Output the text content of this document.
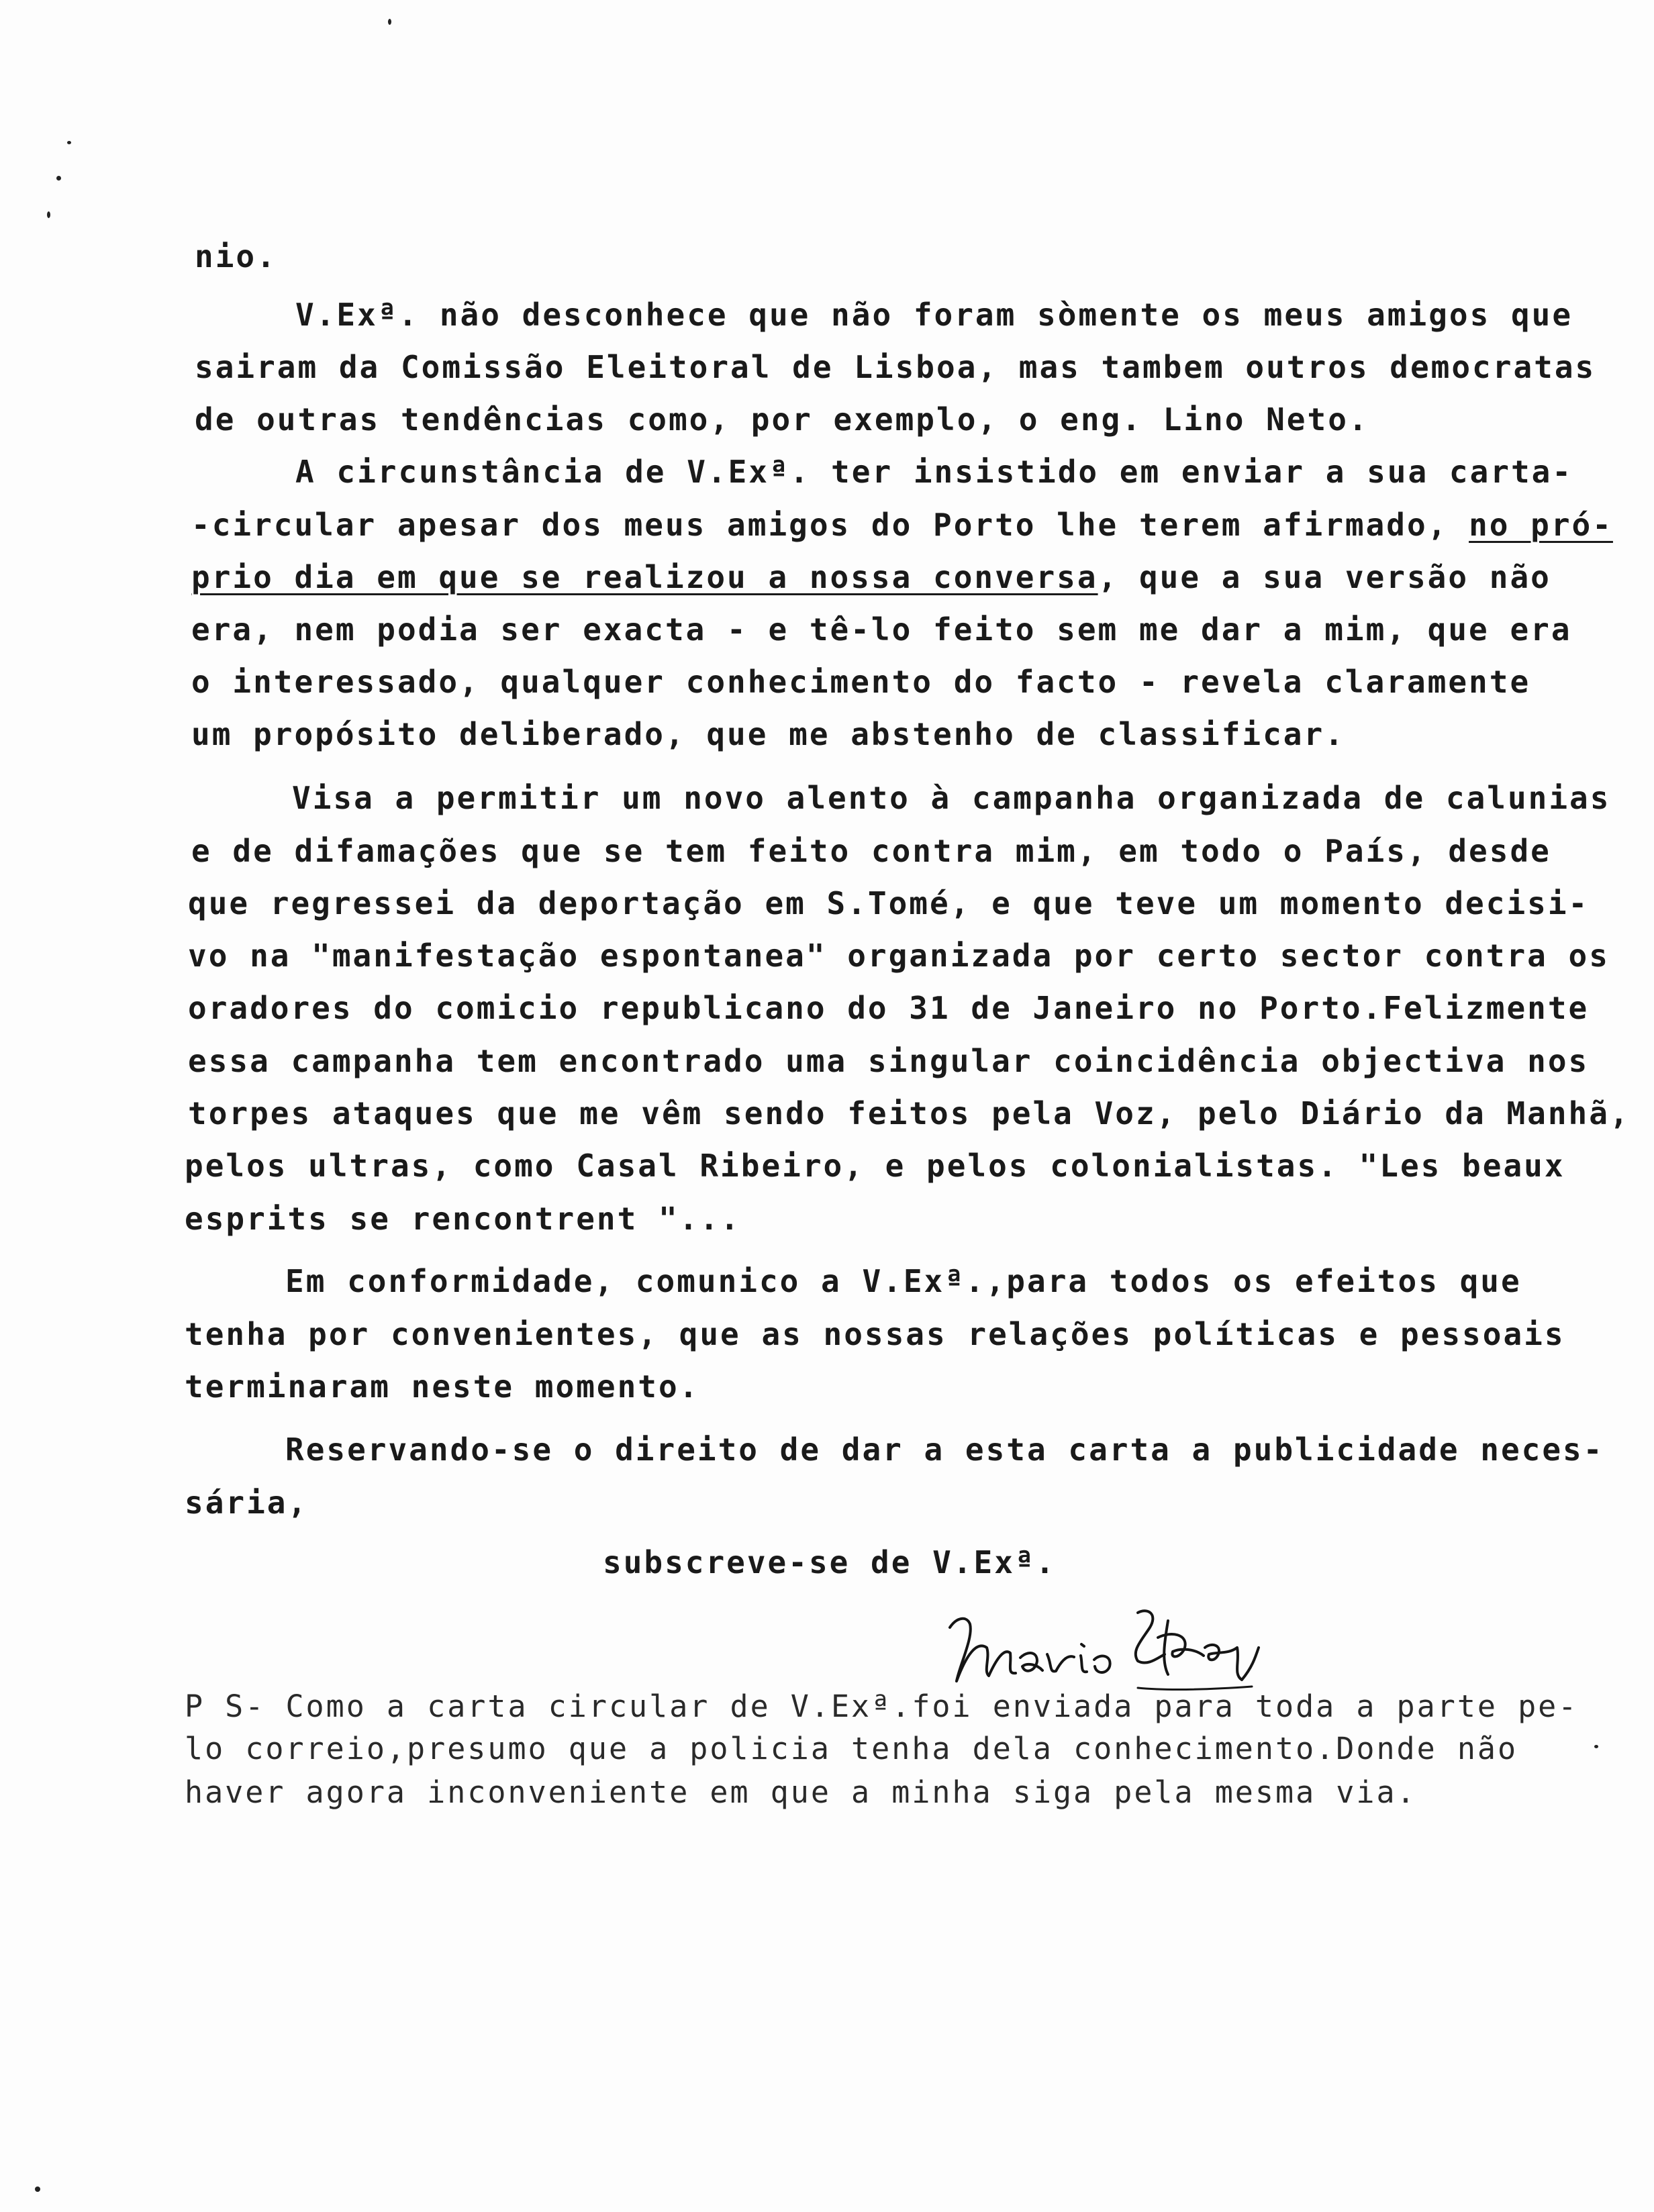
nio.
V.Exª. não desconhece que não foram sòmente os meus amigos que
sairam da Comissão Eleitoral de Lisboa, mas tambem outros democratas
de outras tendências como, por exemplo, o eng. Lino Neto.
A circunstância de V.Exª. ter insistido em enviar a sua carta-
-circular apesar dos meus amigos do Porto lhe terem afirmado, no pró-
prio dia em que se realizou a nossa conversa, que a sua versão não
era, nem podia ser exacta - e tê-lo feito sem me dar a mim, que era
o interessado, qualquer conhecimento do facto - revela claramente
um propósito deliberado, que me abstenho de classificar.
Visa a permitir um novo alento à campanha organizada de calunias
e de difamações que se tem feito contra mim, em todo o País, desde
que regressei da deportação em S.Tomé, e que teve um momento decisi-
vo na "manifestação espontanea" organizada por certo sector contra os
oradores do comicio republicano do 31 de Janeiro no Porto.Felizmente
essa campanha tem encontrado uma singular coincidência objectiva nos
torpes ataques que me vêm sendo feitos pela Voz, pelo Diário da Manhã,
pelos ultras, como Casal Ribeiro, e pelos colonialistas. "Les beaux
esprits se rencontrent "...
Em conformidade, comunico a V.Exª.,para todos os efeitos que
tenha por convenientes, que as nossas relações políticas e pessoais
terminaram neste momento.
Reservando-se o direito de dar a esta carta a publicidade neces-
sária,
subscreve-se de V.Exª.
P S- Como a carta circular de V.Exª.foi enviada para toda a parte pe-
lo correio,presumo que a policia tenha dela conhecimento.Donde não
haver agora inconveniente em que a minha siga pela mesma via.
